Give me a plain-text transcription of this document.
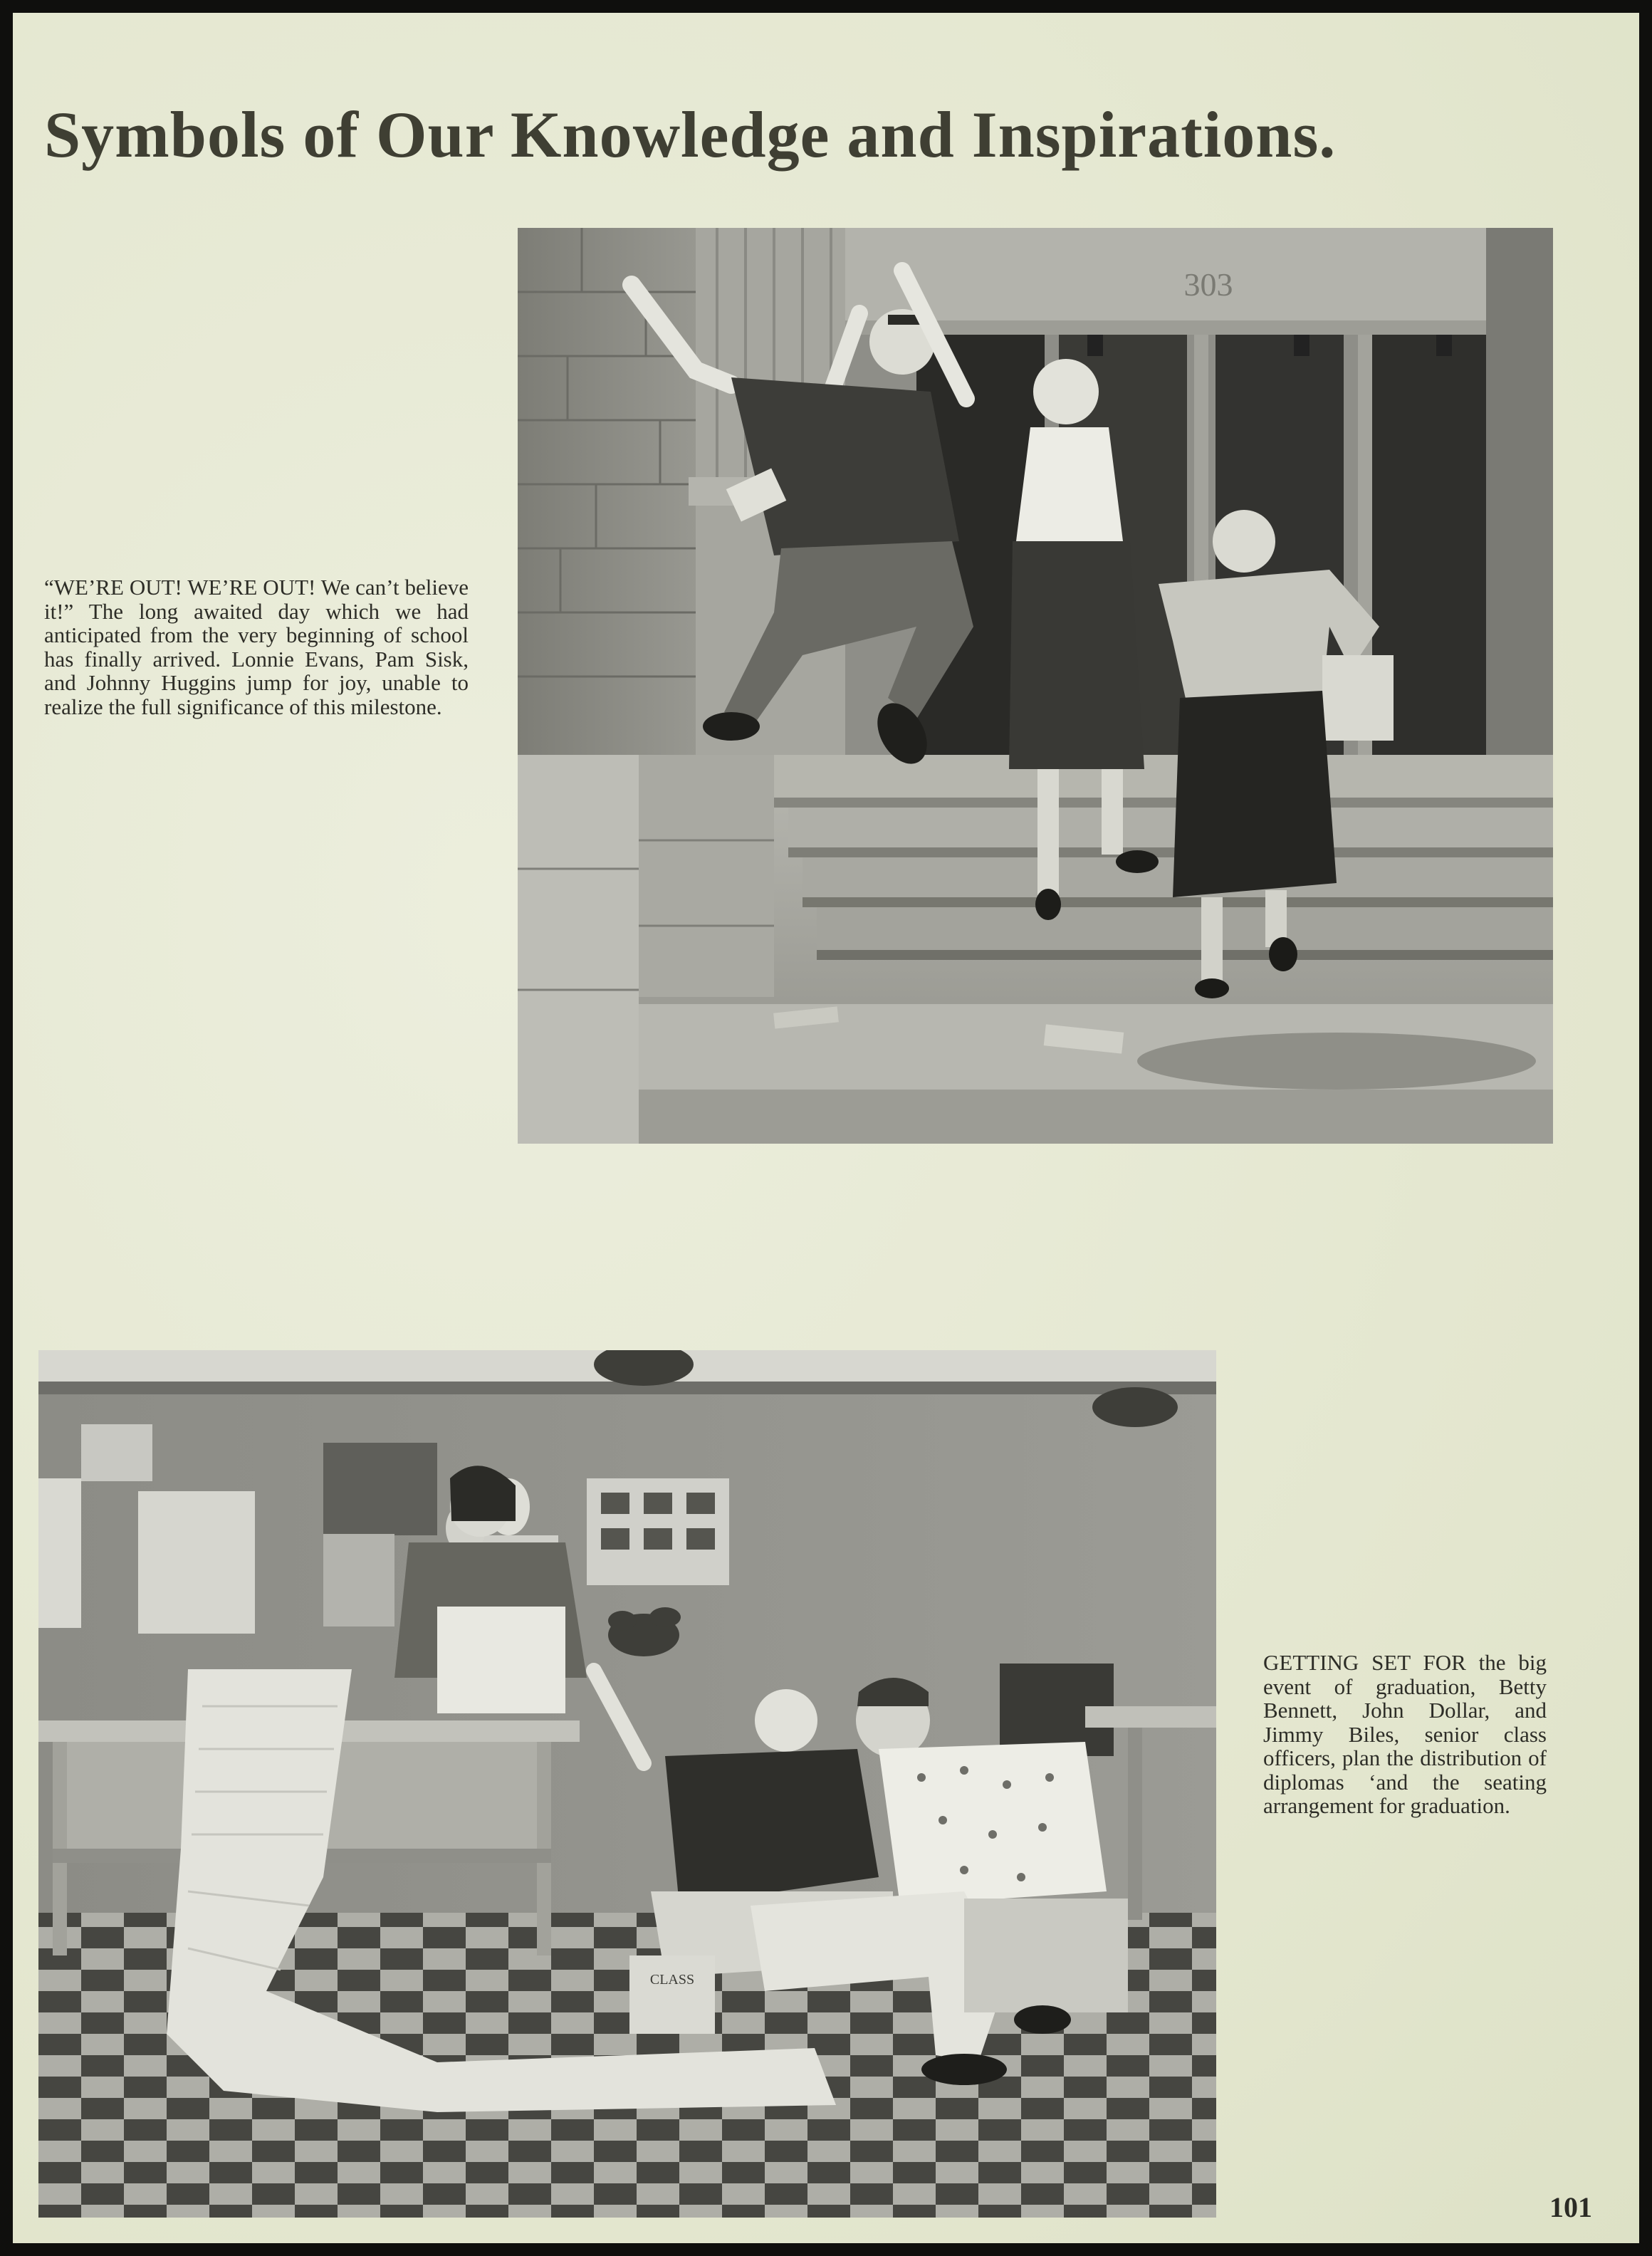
Symbols of Our Knowledge and Inspirations.
303

“WE’RE OUT! WE’RE OUT! We can’t believe it!” The long awaited day which we had anticipated from the very beginning of school has finally arrived. Lonnie Evans, Pam Sisk, and Johnny Huggins jump for joy, unable to realize the full significance of this milestone.

CLASS

GETTING SET FOR the big event of graduation, Betty Bennett, John Dollar, and Jimmy Biles, senior class officers, plan the distribution of diplomas ‘and the seating arrangement for graduation.

101
